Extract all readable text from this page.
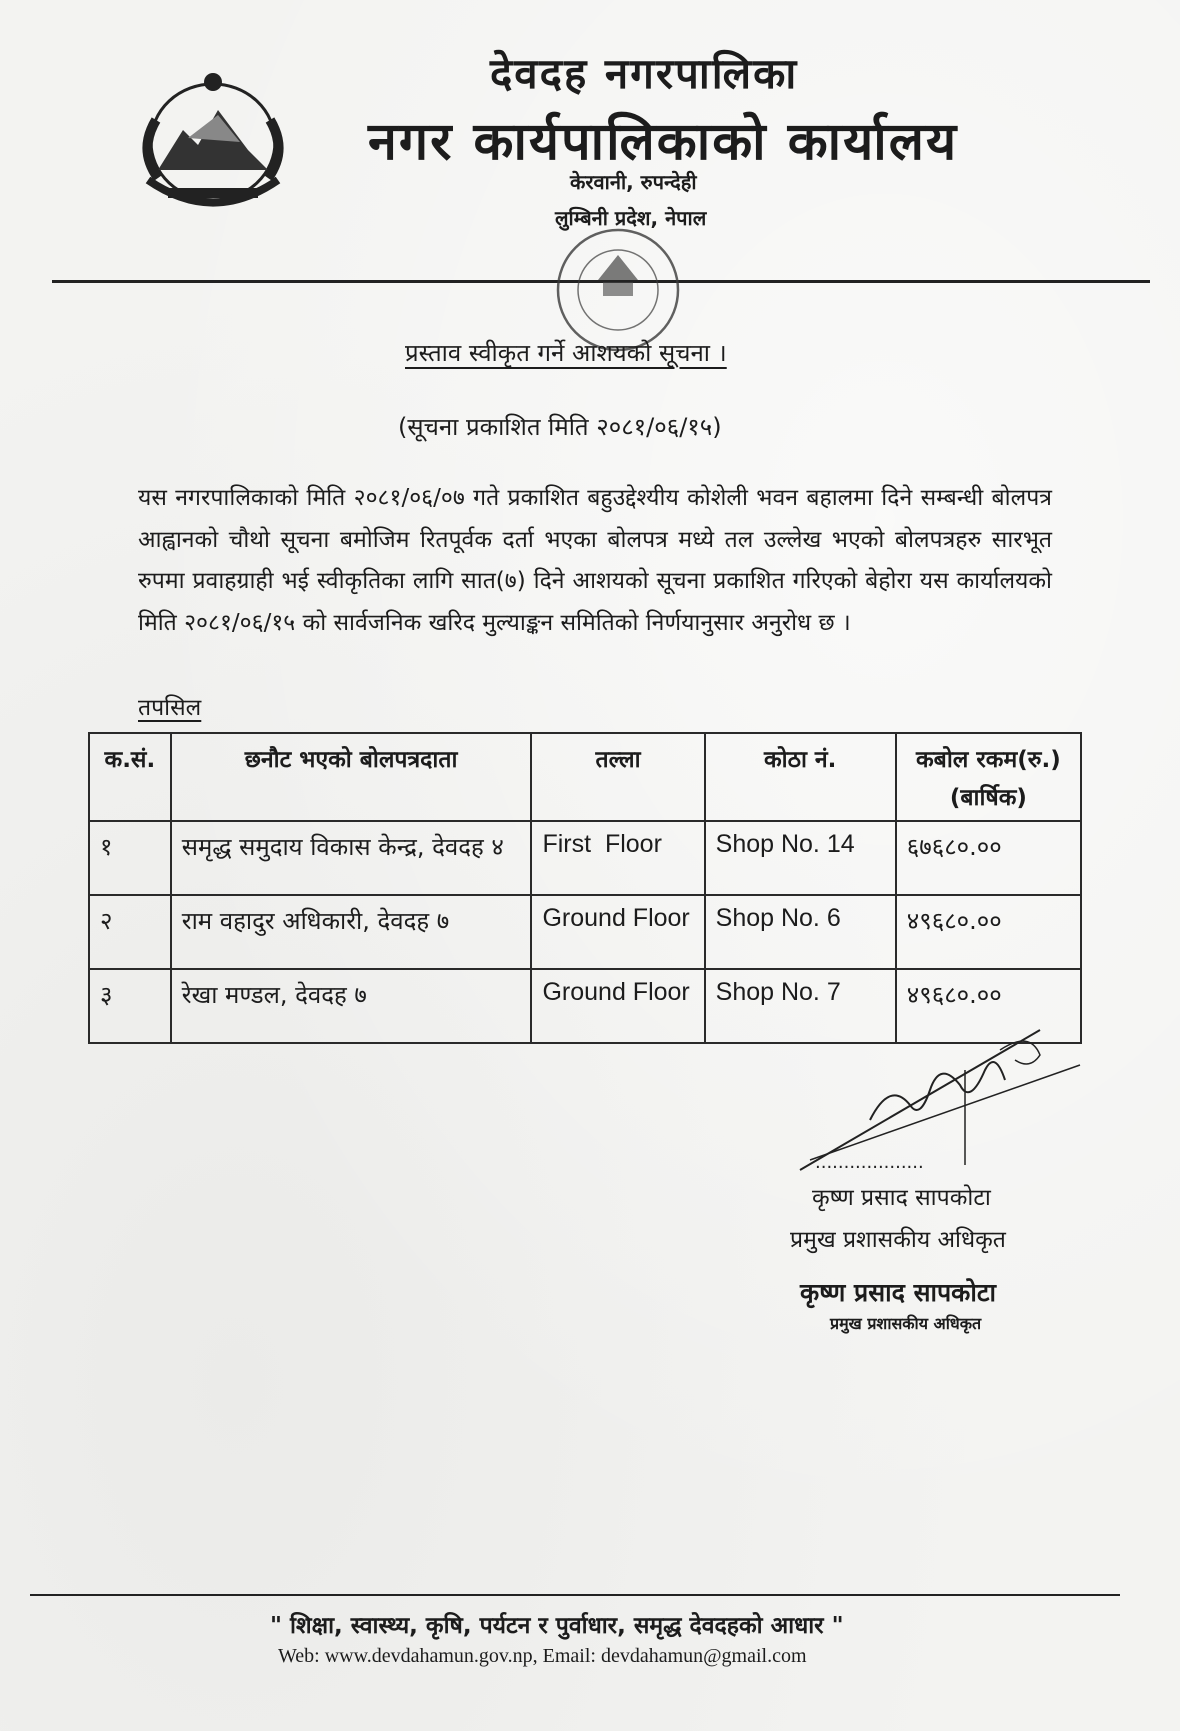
देवदह नगरपालिका
नगर कार्यपालिकाको कार्यालय
केरवानी, रुपन्देही
लुम्बिनी प्रदेश, नेपाल
प्रस्ताव स्वीकृत गर्ने आशयको सूचना ।
(सूचना प्रकाशित मिति २०८१/०६/१५)
यस नगरपालिकाको मिति २०८१/०६/०७ गते प्रकाशित बहुउद्देश्यीय कोशेली भवन बहालमा दिने सम्बन्धी बोलपत्र आह्वानको चौथो सूचना बमोजिम रितपूर्वक दर्ता भएका बोलपत्र मध्ये तल उल्लेख भएको बोलपत्रहरु सारभूत रुपमा प्रवाहग्राही भई स्वीकृतिका लागि सात(७) दिने आशयको सूचना प्रकाशित गरिएको बेहोरा यस कार्यालयको मिति २०८१/०६/१५ को सार्वजनिक खरिद मुल्याङ्कन समितिको निर्णयानुसार अनुरोध छ ।
तपसिल
क.सं.	छनौट भएको बोलपत्रदाता	तल्ला	कोठा नं.	कबोल रकम(रु.)
(बार्षिक)

१	समृद्ध समुदाय विकास केन्द्र, देवदह ४	First  Floor	Shop No. 14	६७६८०.००
२	राम वहादुर अधिकारी, देवदह ७	Ground Floor	Shop No. 6	४९६८०.००
३	रेखा मण्डल, देवदह ७	Ground Floor	Shop No. 7	४९६८०.००
...................
कृष्ण प्रसाद सापकोटा
प्रमुख प्रशासकीय अधिकृत
कृष्ण प्रसाद सापकोटा
प्रमुख प्रशासकीय अधिकृत
" शिक्षा, स्वास्थ्य, कृषि, पर्यटन र पुर्वाधार, समृद्ध देवदहको आधार "
Web: www.devdahamun.gov.np, Email: devdahamun@gmail.com
